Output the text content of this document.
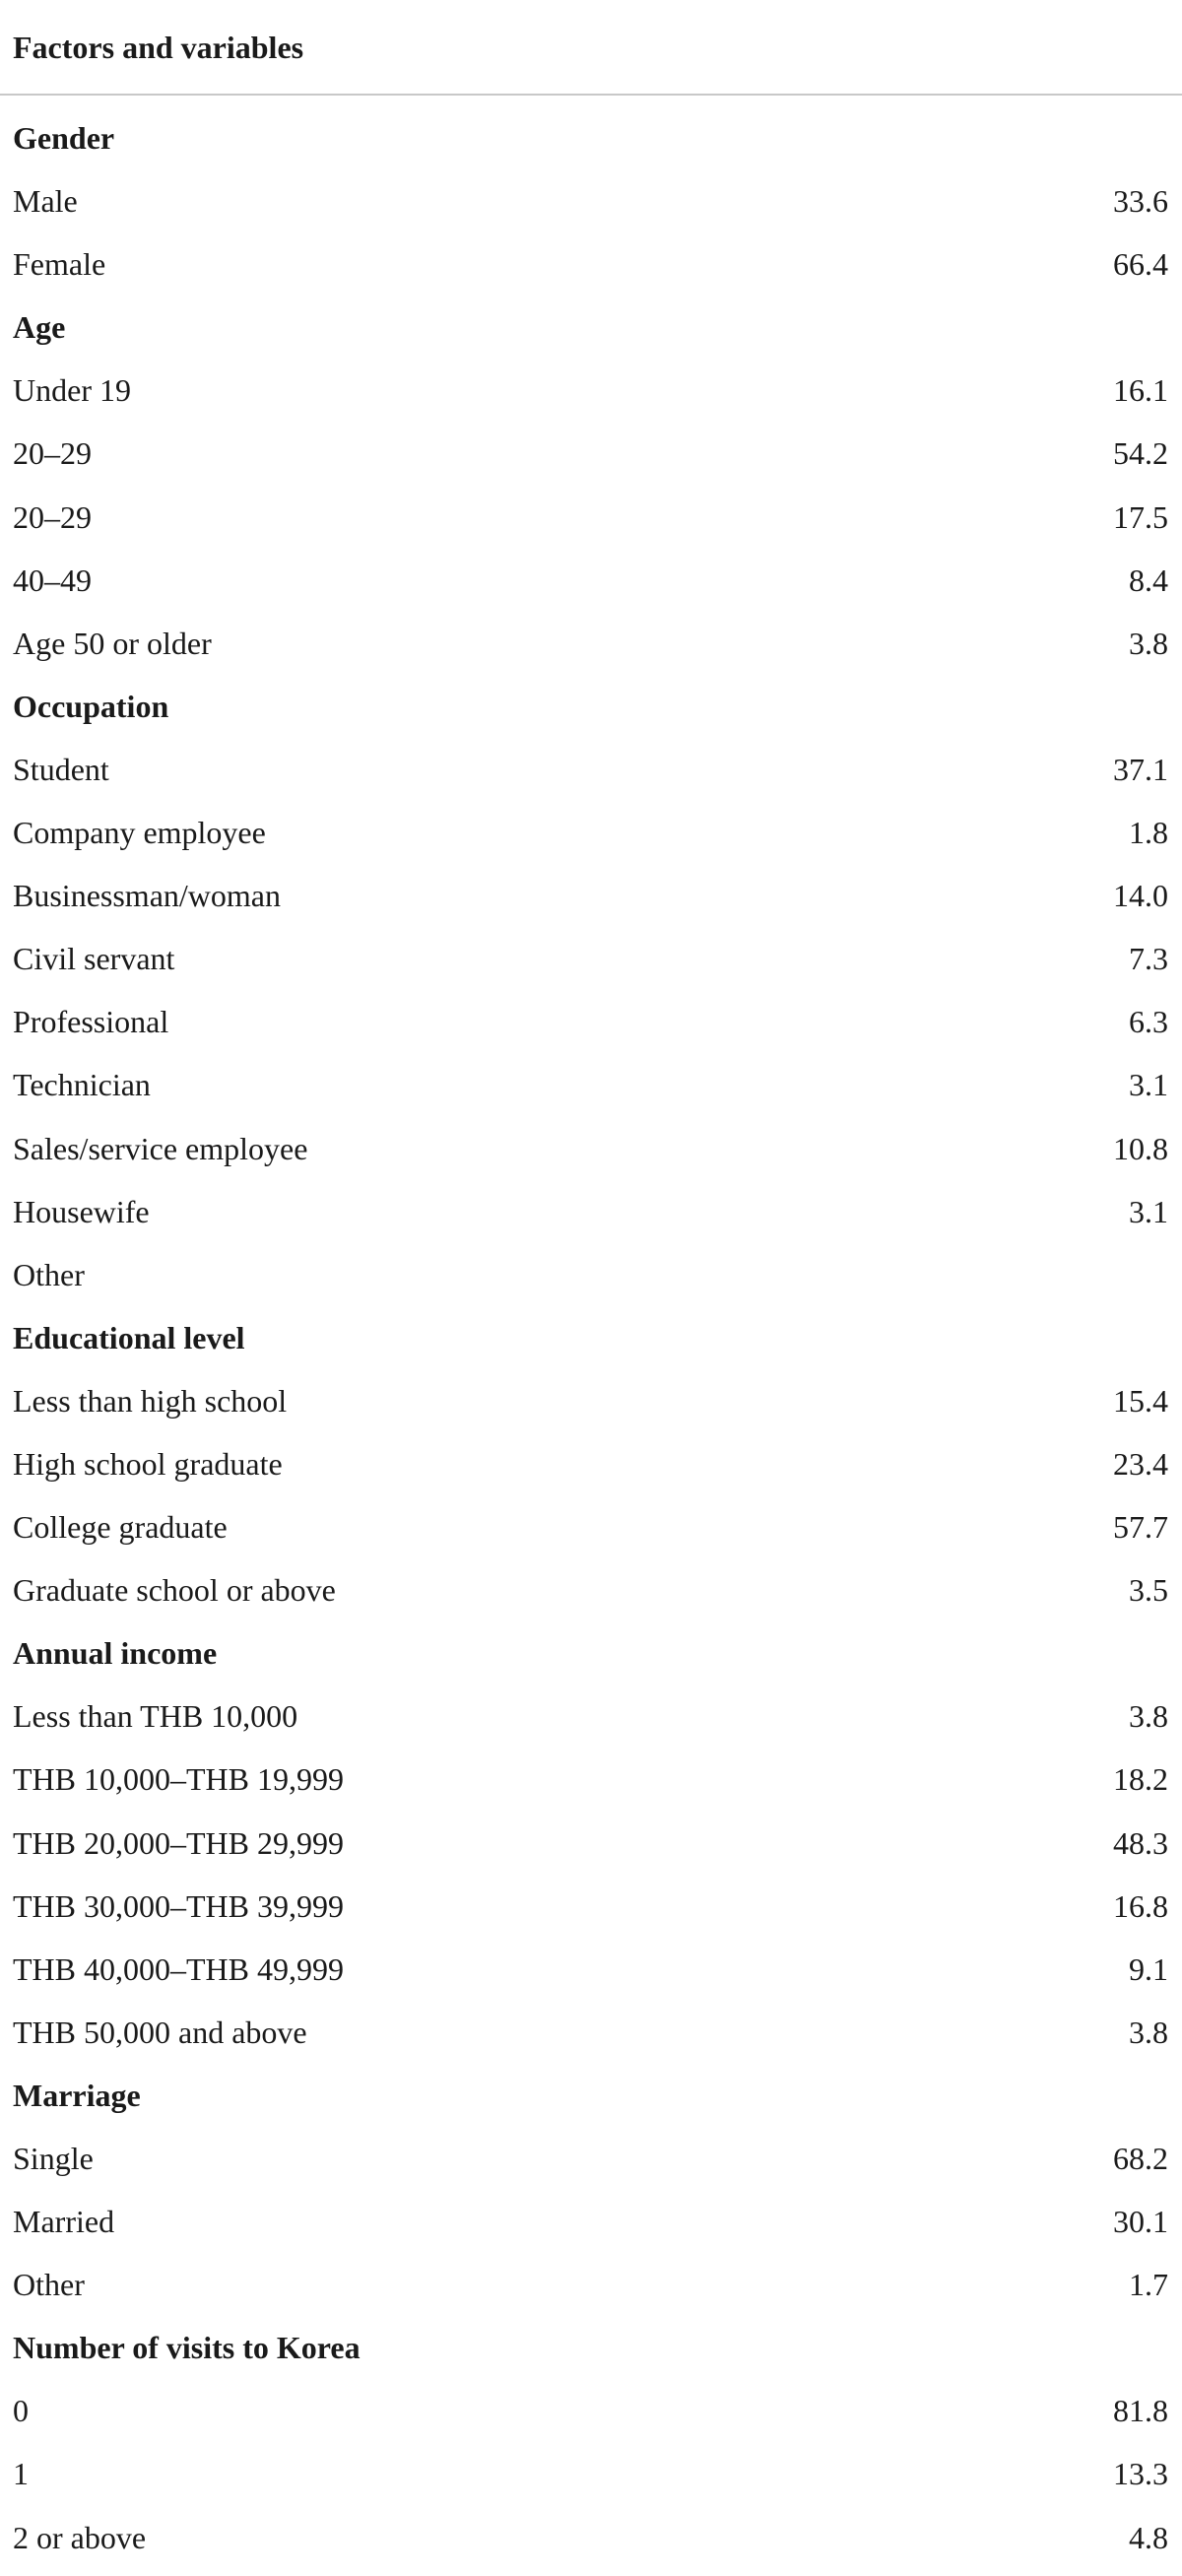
Factors and variables
Gender
Male	33.6
Female	66.4
Age
Under 19	16.1
20–29	54.2
20–29	17.5
40–49	8.4
Age 50 or older	3.8
Occupation
Student	37.1
Company employee	1.8
Businessman/woman	14.0
Civil servant	7.3
Professional	6.3
Technician	3.1
Sales/service employee	10.8
Housewife	3.1
Other
Educational level
Less than high school	15.4
High school graduate	23.4
College graduate	57.7
Graduate school or above	3.5
Annual income
Less than THB 10,000	3.8
THB 10,000–THB 19,999	18.2
THB 20,000–THB 29,999	48.3
THB 30,000–THB 39,999	16.8
THB 40,000–THB 49,999	9.1
THB 50,000 and above	3.8
Marriage
Single	68.2
Married	30.1
Other	1.7
Number of visits to Korea
0	81.8
1	13.3
2 or above	4.8
